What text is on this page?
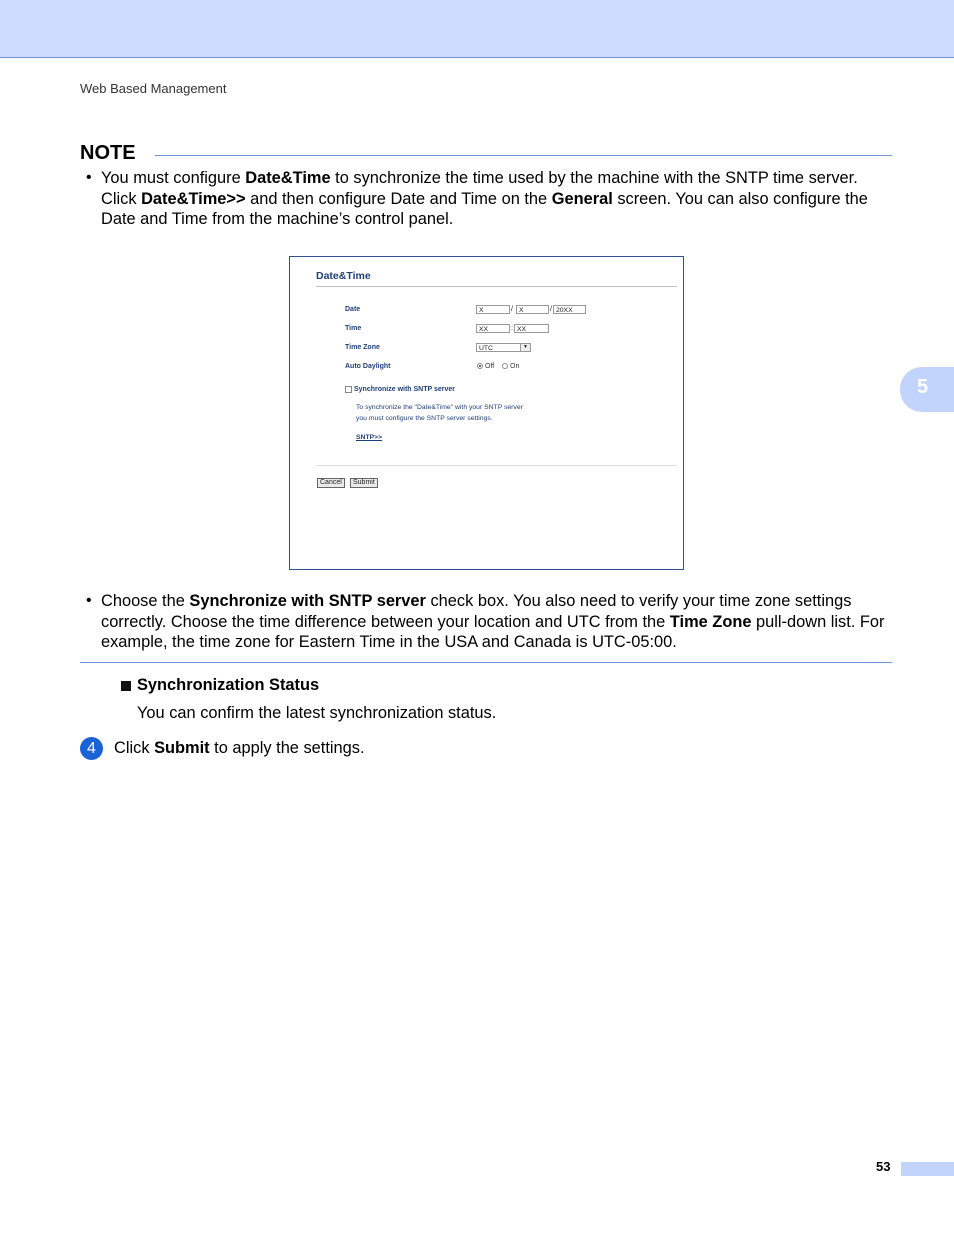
Web Based Management
NOTE
• You must configure Date&Time to synchronize the time used by the machine with the SNTP time server. Click Date&Time>> and then configure Date and Time on the General screen. You can also configure the Date and Time from the machine’s control panel.
Date&Time
Date	X	/ X	/ 20XX
Time	XX	: XX
Time Zone	UTC	▼
Auto Daylight	Off On
Synchronize with SNTP server
To synchronize the "Date&Time" with your SNTP server
you must configure the SNTP server settings.
SNTP>>
Cancel	Submit
• Choose the Synchronize with SNTP server check box. You also need to verify your time zone settings correctly. Choose the time difference between your location and UTC from the Time Zone pull-down list. For example, the time zone for Eastern Time in the USA and Canada is UTC-05:00.
Synchronization Status
You can confirm the latest synchronization status.
4	Click Submit to apply the settings.
5
53
